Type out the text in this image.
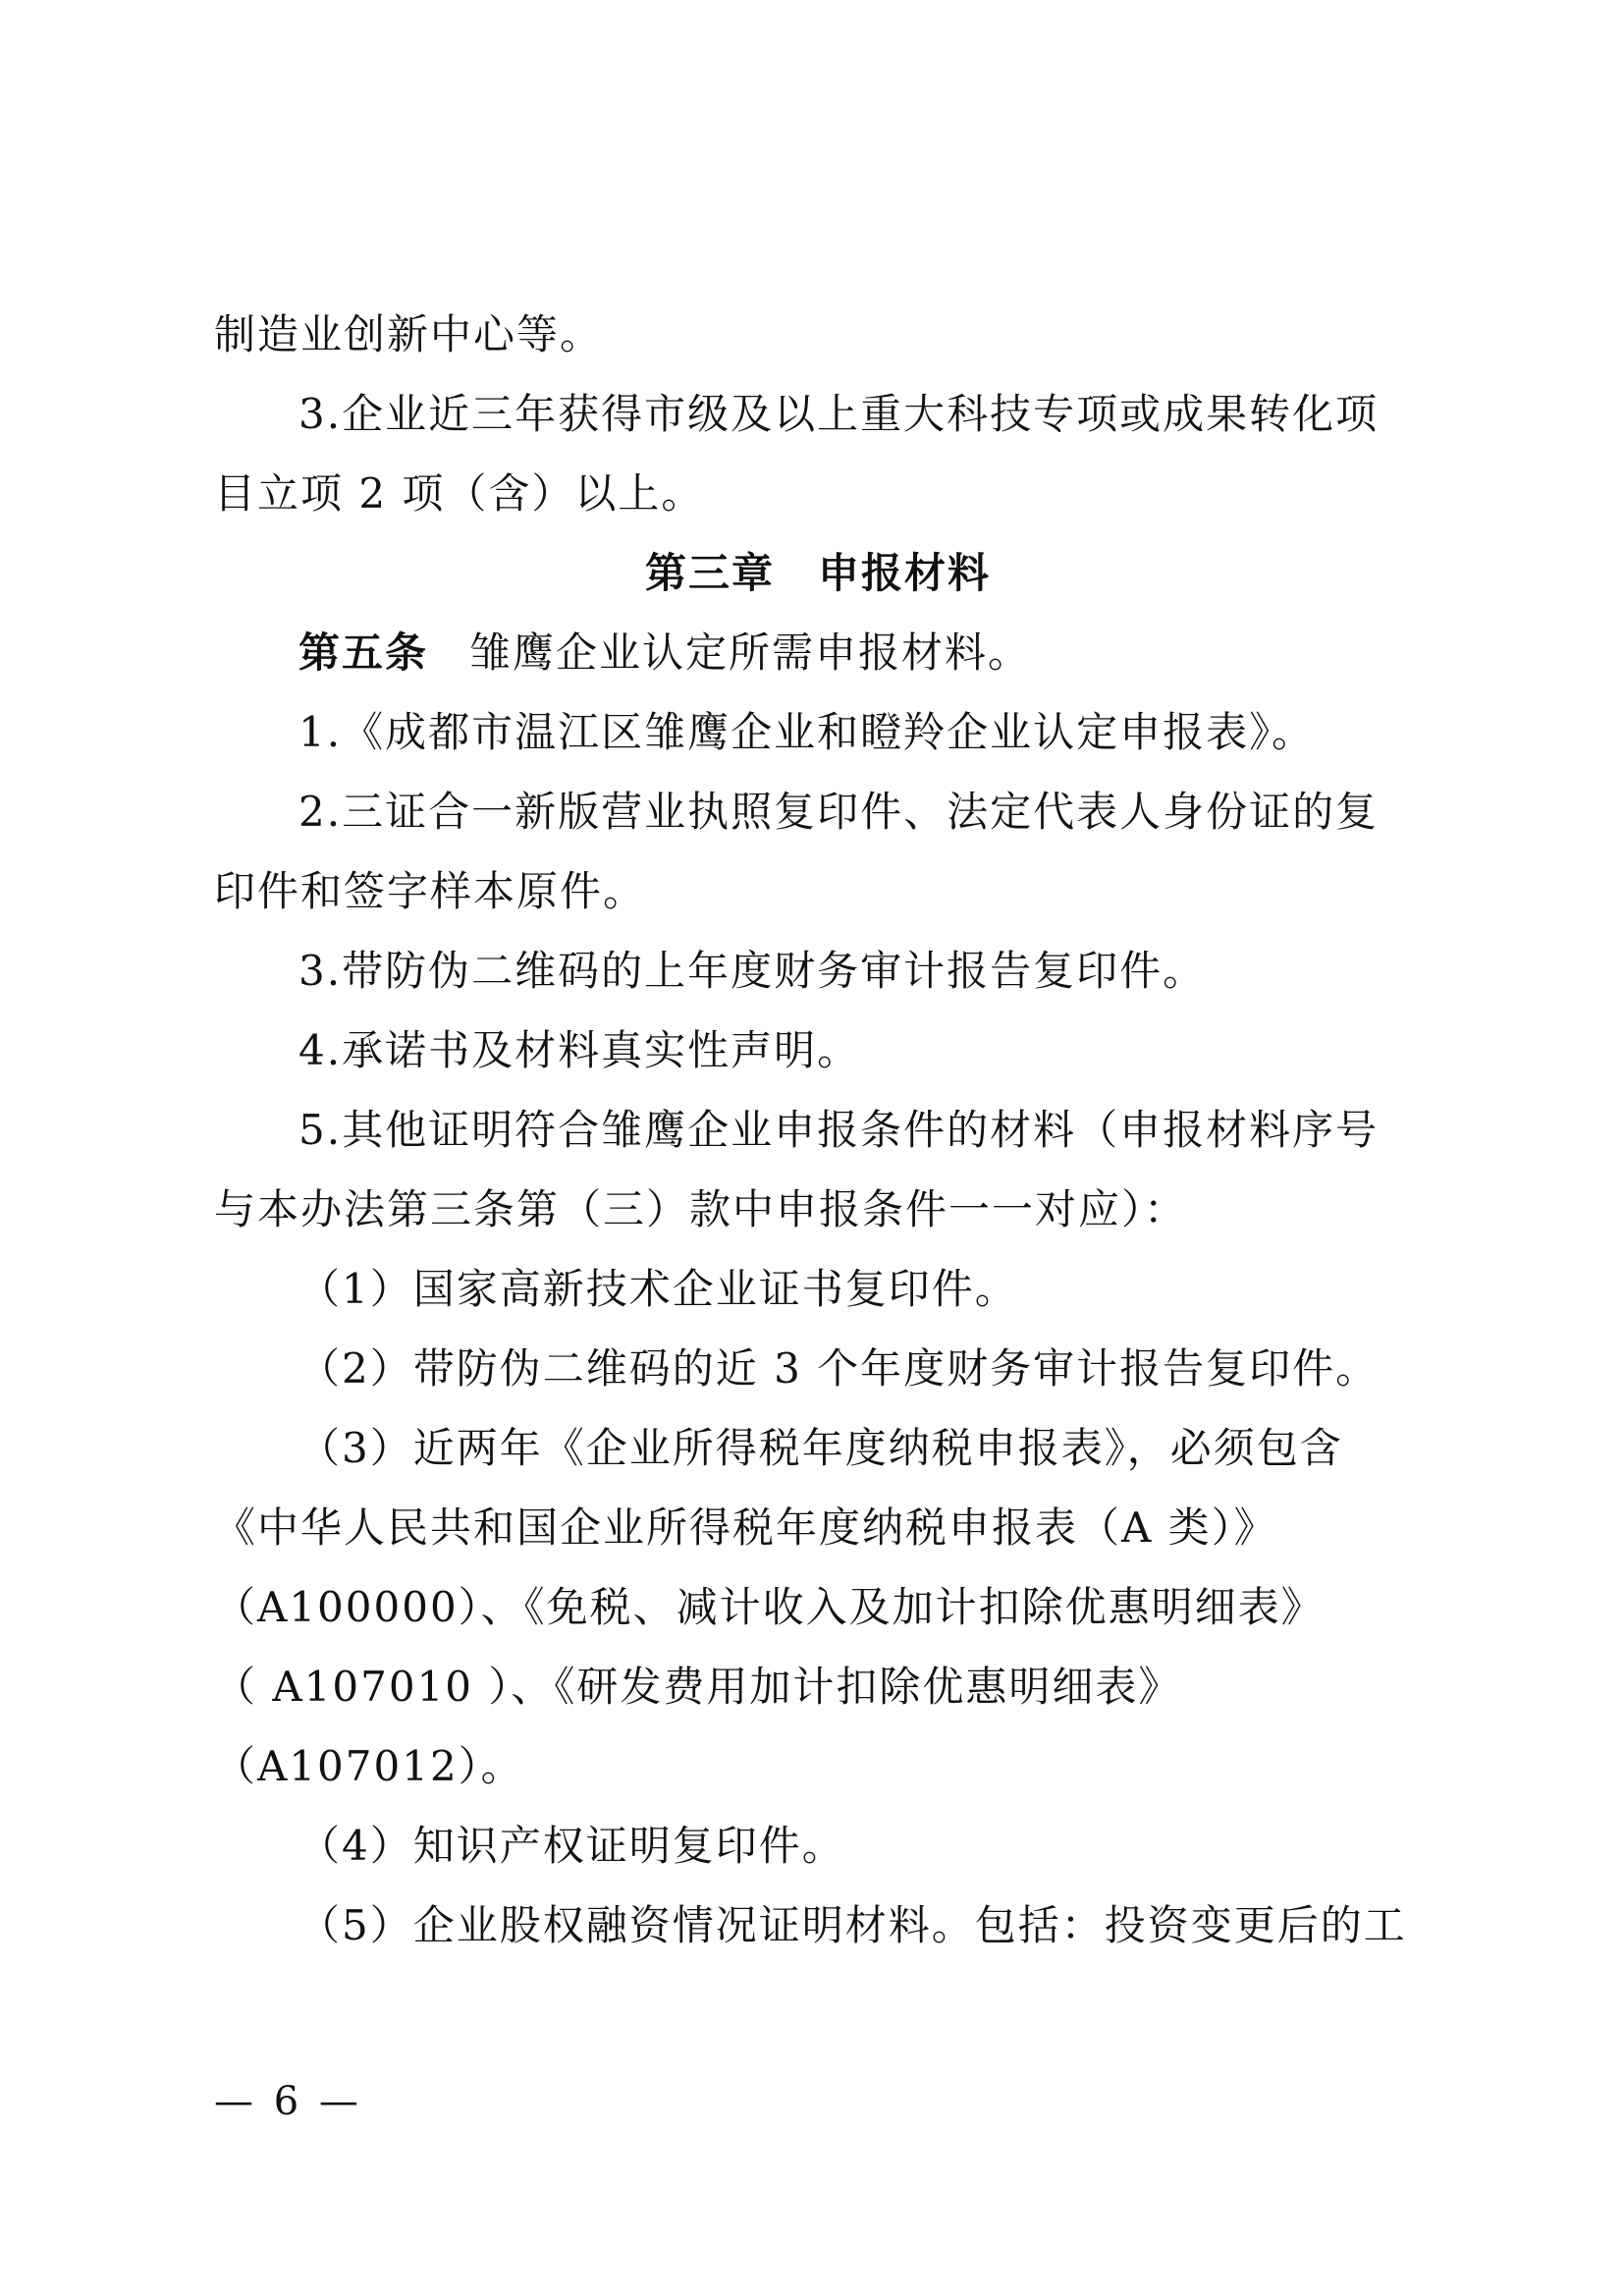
制造业创新中心等。
3.企业近三年获得市级及以上重大科技专项或成果转化项
目立项 2 项（含）以上。
第三章　申报材料
第五条 雏鹰企业认定所需申报材料。
1.《成都市温江区雏鹰企业和瞪羚企业认定申报表》。
2.三证合一新版营业执照复印件、法定代表人身份证的复
印件和签字样本原件。
3.带防伪二维码的上年度财务审计报告复印件。
4.承诺书及材料真实性声明。
5.其他证明符合雏鹰企业申报条件的材料（申报材料序号
与本办法第三条第（三）款中申报条件一一对应）：
（1）国家高新技术企业证书复印件。
（2）带防伪二维码的近 3 个年度财务审计报告复印件。
（3）近两年《企业所得税年度纳税申报表》，必须包含
《中华人民共和国企业所得税年度纳税申报表（A 类）》
（A100000）、《免税、减计收入及加计扣除优惠明细表》
（ A107010 ）、《研发费用加计扣除优惠明细表》
（A107012）。
（4）知识产权证明复印件。
（5）企业股权融资情况证明材料。包括：投资变更后的工
— 6 —
